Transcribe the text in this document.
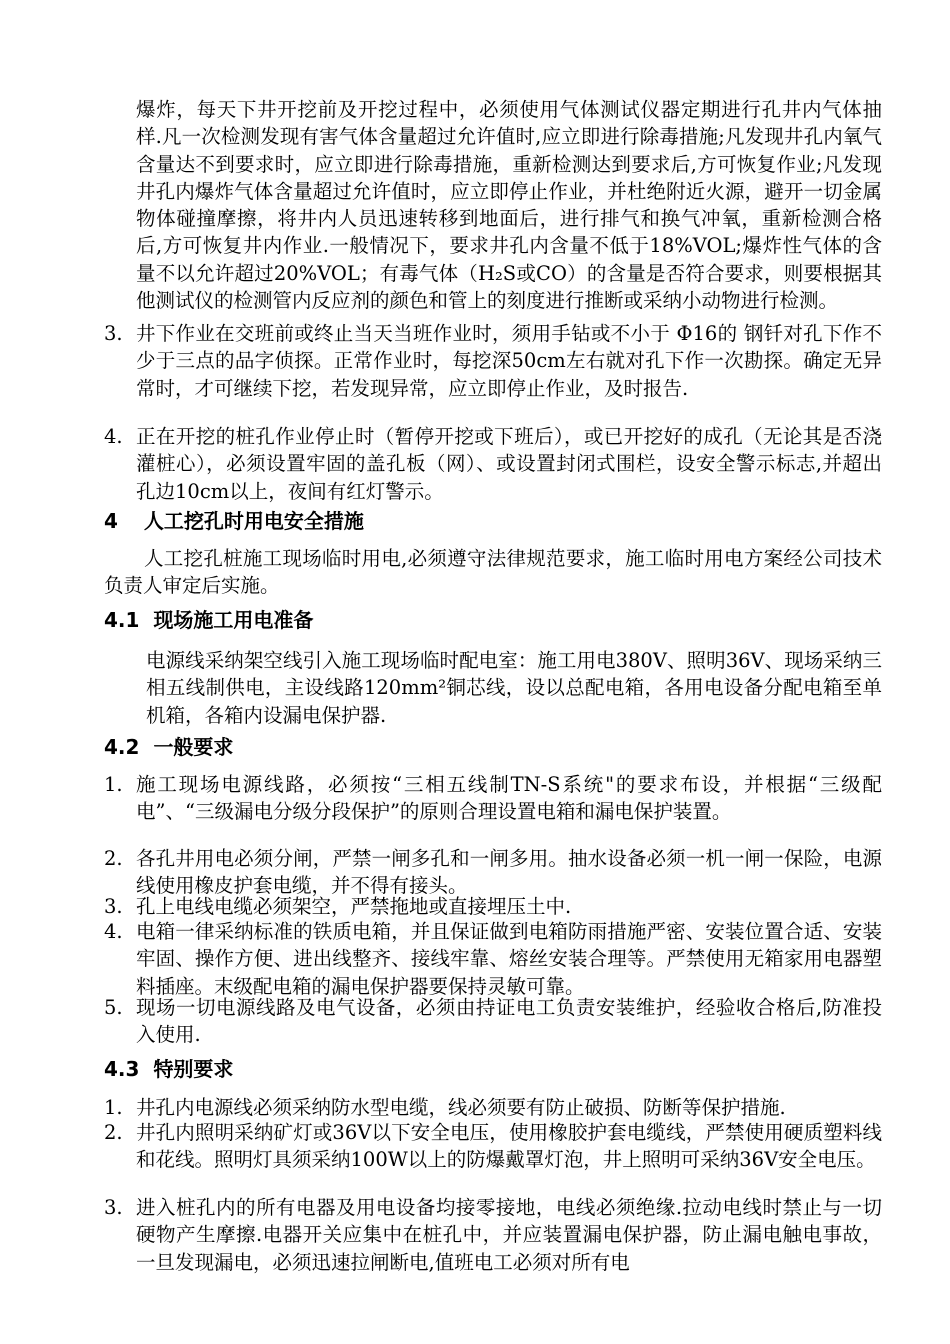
爆炸，每天下井开挖前及开挖过程中，必须使用气体测试仪器定期进行孔井内气体抽样.凡一次检测发现有害气体含量超过允许值时,应立即进行除毒措施;凡发现井孔内氧气含量达不到要求时，应立即进行除毒措施，重新检测达到要求后,方可恢复作业;凡发现井孔内爆炸气体含量超过允许值时，应立即停止作业，并杜绝附近火源，避开一切金属物体碰撞摩擦，将井内人员迅速转移到地面后，进行排气和换气冲氧，重新检测合格后,方可恢复井内作业.一般情况下，要求井孔内含量不低于18%VOL;爆炸性气体的含量不以允许超过20%VOL；有毒气体（H₂S或CO）的含量是否符合要求，则要根据其他测试仪的检测管内反应剂的颜色和管上的刻度进行推断或采纳小动物进行检测。
3. 井下作业在交班前或终止当天当班作业时，须用手钻或不小于 Φ16的 钢钎对孔下作不少于三点的品字侦探。正常作业时，每挖深50cm左右就对孔下作一次勘探。确定无异常时，才可继续下挖，若发现异常，应立即停止作业，及时报告.
4. 正在开挖的桩孔作业停止时（暂停开挖或下班后），或已开挖好的成孔（无论其是否浇灌桩心），必须设置牢固的盖孔板（网）、或设置封闭式围栏，设安全警示标志,并超出孔边10cm以上，夜间有红灯警示。
4 人工挖孔时用电安全措施
人工挖孔桩施工现场临时用电,必须遵守法律规范要求，施工临时用电方案经公司技术负责人审定后实施。
4.1 现场施工用电准备
电源线采纳架空线引入施工现场临时配电室：施工用电380V、照明36V、现场采纳三相五线制供电，主设线路120mm²铜芯线，设以总配电箱，各用电设备分配电箱至单机箱，各箱内设漏电保护器.
4.2 一般要求
1. 施工现场电源线路，必须按“三相五线制TN-S系统"的要求布设，并根据“三级配电”、“三级漏电分级分段保护”的原则合理设置电箱和漏电保护装置。
2. 各孔井用电必须分闸，严禁一闸多孔和一闸多用。抽水设备必须一机一闸一保险，电源线使用橡皮护套电缆，并不得有接头。
3. 孔上电线电缆必须架空，严禁拖地或直接埋压土中.
4. 电箱一律采纳标准的铁质电箱，并且保证做到电箱防雨措施严密、安装位置合适、安装牢固、操作方便、进出线整齐、接线牢靠、熔丝安装合理等。严禁使用无箱家用电器塑料插座。末级配电箱的漏电保护器要保持灵敏可靠。
5. 现场一切电源线路及电气设备，必须由持证电工负责安装维护，经验收合格后,防准投入使用.
4.3 特别要求
1. 井孔内电源线必须采纳防水型电缆，线必须要有防止破损、防断等保护措施.
2. 井孔内照明采纳矿灯或36V以下安全电压，使用橡胶护套电缆线，严禁使用硬质塑料线和花线。照明灯具须采纳100W以上的防爆戴罩灯泡，井上照明可采纳36V安全电压。
3. 进入桩孔内的所有电器及用电设备均接零接地，电线必须绝缘.拉动电线时禁止与一切硬物产生摩擦.电器开关应集中在桩孔中，并应装置漏电保护器，防止漏电触电事故，一旦发现漏电，必须迅速拉闸断电,值班电工必须对所有电
